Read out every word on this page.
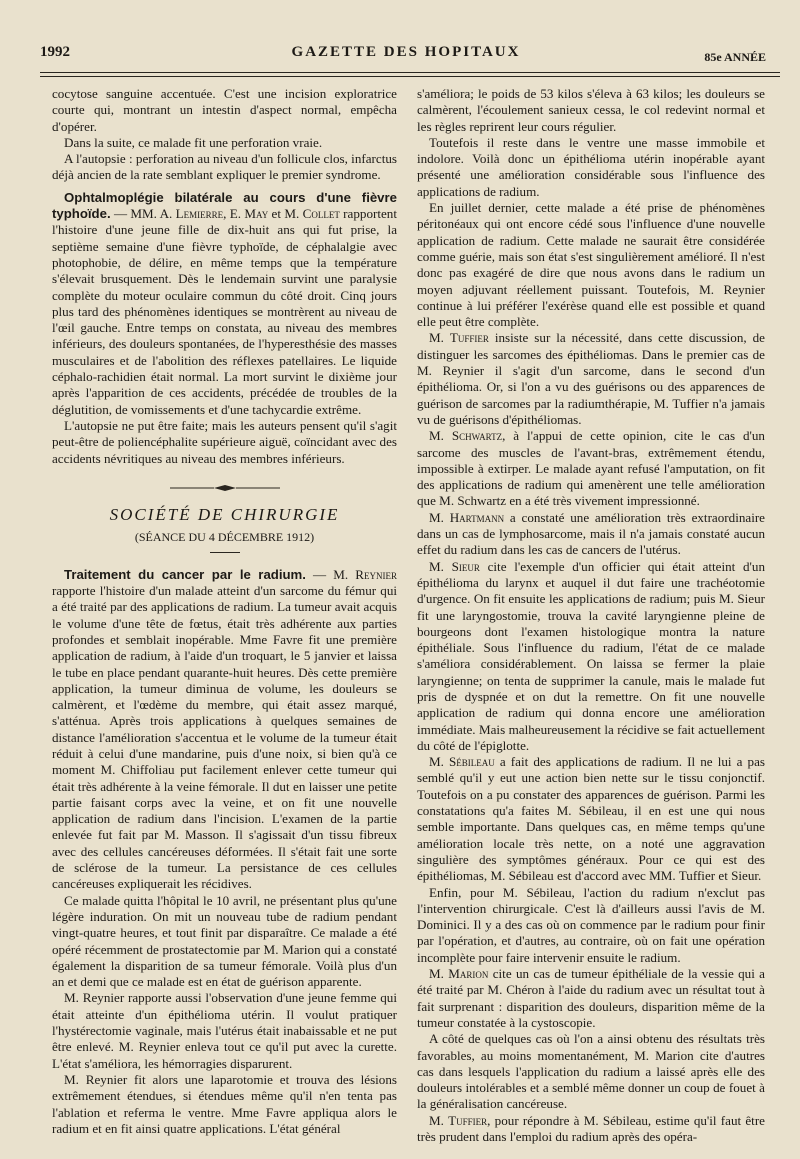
1992	GAZETTE DES HOPITAUX	85e ANNÉE

cocytose sanguine accentuée. C'est une incision exploratrice courte qui, montrant un intestin d'aspect normal, empêcha d'opérer.

Dans la suite, ce malade fit une perforation vraie.

A l'autopsie : perforation au niveau d'un follicule clos, infarctus déjà ancien de la rate semblant expliquer le premier syndrome.

Ophtalmoplégie bilatérale au cours d'une fièvre typhoïde. — MM. A. Lemierre, E. May et M. Collet rapportent l'histoire d'une jeune fille de dix-huit ans qui fut prise, la septième semaine d'une fièvre typhoïde, de céphalalgie avec photophobie, de délire, en même temps que la température s'élevait brusquement. Dès le lendemain survint une paralysie complète du moteur oculaire commun du côté droit. Cinq jours plus tard des phénomènes identiques se montrèrent au niveau de l'œil gauche. Entre temps on constata, au niveau des membres inférieurs, des douleurs spontanées, de l'hyperesthésie des masses musculaires et de l'abolition des réflexes patellaires. Le liquide céphalo-rachidien était normal. La mort survint le dixième jour après l'apparition de ces accidents, précédée de troubles de la déglutition, de vomissements et d'une tachycardie extrême.

L'autopsie ne put être faite; mais les auteurs pensent qu'il s'agit peut-être de poliencéphalite supérieure aiguë, coïncidant avec des accidents névritiques au niveau des membres inférieurs.

SOCIÉTÉ DE CHIRURGIE
(SÉANCE DU 4 DÉCEMBRE 1912)

Traitement du cancer par le radium. — M. Reynier rapporte l'histoire d'un malade atteint d'un sarcome du fémur qui a été traité par des applications de radium. La tumeur avait acquis le volume d'une tête de fœtus, était très adhérente aux parties profondes et semblait inopérable. Mme Favre fit une première application de radium, à l'aide d'un troquart, le 5 janvier et laissa le tube en place pendant quarante-huit heures. Dès cette première application, la tumeur diminua de volume, les douleurs se calmèrent, et l'œdème du membre, qui était assez marqué, s'atténua. Après trois applications à quelques semaines de distance l'amélioration s'accentua et le volume de la tumeur était réduit à celui d'une mandarine, puis d'une noix, si bien qu'à ce moment M. Chiffoliau put facilement enlever cette tumeur qui était très adhérente à la veine fémorale. Il dut en laisser une petite partie faisant corps avec la veine, et on fit une nouvelle application de radium dans l'incision. L'examen de la partie enlevée fut fait par M. Masson. Il s'agissait d'un tissu fibreux avec des cellules cancéreuses déformées. Il s'était fait une sorte de sclérose de la tumeur. La persistance de ces cellules cancéreuses expliquerait les récidives.

Ce malade quitta l'hôpital le 10 avril, ne présentant plus qu'une légère induration. On mit un nouveau tube de radium pendant vingt-quatre heures, et tout finit par disparaître. Ce malade a été opéré récemment de prostatectomie par M. Marion qui a constaté également la disparition de sa tumeur fémorale. Voilà plus d'un an et demi que ce malade est en état de guérison apparente.

M. Reynier rapporte aussi l'observation d'une jeune femme qui était atteinte d'un épithélioma utérin. Il voulut pratiquer l'hystérectomie vaginale, mais l'utérus était inabaissable et ne put être enlevé. M. Reynier enleva tout ce qu'il put avec la curette. L'état s'améliora, les hémorragies disparurent.

M. Reynier fit alors une laparotomie et trouva des lésions extrêmement étendues, si étendues même qu'il n'en tenta pas l'ablation et referma le ventre. Mme Favre appliqua alors le radium et en fit ainsi quatre applications. L'état général

s'améliora; le poids de 53 kilos s'éleva à 63 kilos; les douleurs se calmèrent, l'écoulement sanieux cessa, le col redevint normal et les règles reprirent leur cours régulier.

Toutefois il reste dans le ventre une masse immobile et indolore. Voilà donc un épithélioma utérin inopérable ayant présenté une amélioration considérable sous l'influence des applications de radium.

En juillet dernier, cette malade a été prise de phénomènes péritonéaux qui ont encore cédé sous l'influence d'une nouvelle application de radium. Cette malade ne saurait être considérée comme guérie, mais son état s'est singulièrement amélioré. Il n'est donc pas exagéré de dire que nous avons dans le radium un moyen adjuvant réellement puissant. Toutefois, M. Reynier continue à lui préférer l'exérèse quand elle est possible et quand elle peut être complète.

M. Tuffier insiste sur la nécessité, dans cette discussion, de distinguer les sarcomes des épithéliomas. Dans le premier cas de M. Reynier il s'agit d'un sarcome, dans le second d'un épithélioma. Or, si l'on a vu des guérisons ou des apparences de guérison de sarcomes par la radiumthérapie, M. Tuffier n'a jamais vu de guérisons d'épithéliomas.

M. Schwartz, à l'appui de cette opinion, cite le cas d'un sarcome des muscles de l'avant-bras, extrêmement étendu, impossible à extirper. Le malade ayant refusé l'amputation, on fit des applications de radium qui amenèrent une telle amélioration que M. Schwartz en a été très vivement impressionné.

M. Hartmann a constaté une amélioration très extraordinaire dans un cas de lymphosarcome, mais il n'a jamais constaté aucun effet du radium dans les cas de cancers de l'utérus.

M. Sieur cite l'exemple d'un officier qui était atteint d'un épithélioma du larynx et auquel il dut faire une trachéotomie d'urgence. On fit ensuite les applications de radium; puis M. Sieur fit une laryngostomie, trouva la cavité laryngienne pleine de bourgeons dont l'examen histologique montra la nature épithéliale. Sous l'influence du radium, l'état de ce malade s'améliora considérablement. On laissa se fermer la plaie laryngienne; on tenta de supprimer la canule, mais le malade fut pris de dyspnée et on dut la remettre. On fit une nouvelle application de radium qui donna encore une amélioration immédiate. Mais malheureusement la récidive se fait actuellement du côté de l'épiglotte.

M. Sébileau a fait des applications de radium. Il ne lui a pas semblé qu'il y eut une action bien nette sur le tissu conjonctif. Toutefois on a pu constater des apparences de guérison. Parmi les constatations qu'a faites M. Sébileau, il en est une qui nous semble importante. Dans quelques cas, en même temps qu'une amélioration locale très nette, on a noté une aggravation singulière des symptômes généraux. Pour ce qui est des épithéliomas, M. Sébileau est d'accord avec MM. Tuffier et Sieur.

Enfin, pour M. Sébileau, l'action du radium n'exclut pas l'intervention chirurgicale. C'est là d'ailleurs aussi l'avis de M. Dominici. Il y a des cas où on commence par le radium pour finir par l'opération, et d'autres, au contraire, où on fait une opération incomplète pour faire intervenir ensuite le radium.

M. Marion cite un cas de tumeur épithéliale de la vessie qui a été traité par M. Chéron à l'aide du radium avec un résultat tout à fait surprenant : disparition des douleurs, disparition même de la tumeur constatée à la cystoscopie.

A côté de quelques cas où l'on a ainsi obtenu des résultats très favorables, au moins momentanément, M. Marion cite d'autres cas dans lesquels l'application du radium a laissé après elle des douleurs intolérables et a semblé même donner un coup de fouet à la généralisation cancéreuse.

M. Tuffier, pour répondre à M. Sébileau, estime qu'il faut être très prudent dans l'emploi du radium après des opéra-
